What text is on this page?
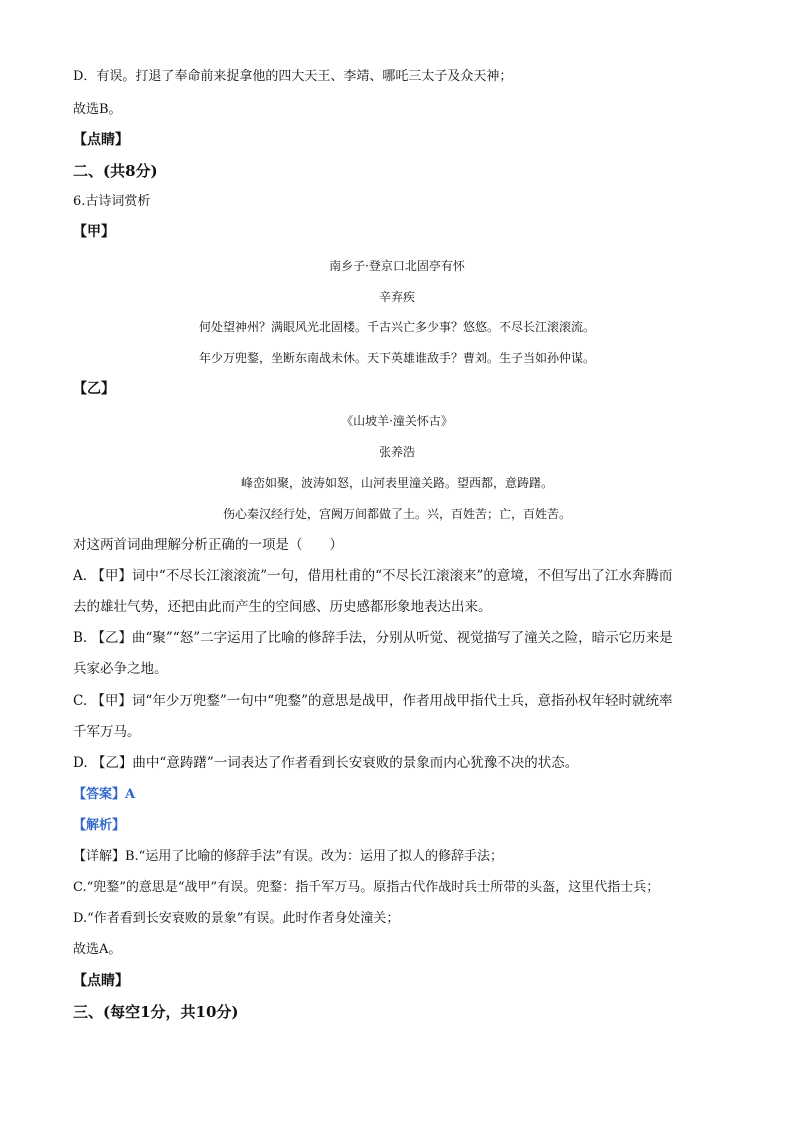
D．有误。打退了奉命前来捉拿他的四大天王、李靖、哪吒三太子及众天神；
故选B。
【点睛】
二、(共8分)
6.古诗词赏析
【甲】
南乡子·登京口北固亭有怀
辛弃疾
何处望神州？满眼风光北固楼。千古兴亡多少事？悠悠。不尽长江滚滚流。
年少万兜鍪，坐断东南战未休。天下英雄谁敌手？曹刘。生子当如孙仲谋。
【乙】
《山坡羊·潼关怀古》
张养浩
峰峦如聚，波涛如怒，山河表里潼关路。望西都，意踌躇。
伤心秦汉经行处，宫阙万间都做了土。兴，百姓苦；亡，百姓苦。
对这两首词曲理解分析正确的一项是（　　）
A. 【甲】词中“不尽长江滚滚流”一句，借用杜甫的“不尽长江滚滚来”的意境，不但写出了江水奔腾而
去的雄壮气势，还把由此而产生的空间感、历史感都形象地表达出来。
B. 【乙】曲“聚”“怒”二字运用了比喻的修辞手法，分别从听觉、视觉描写了潼关之险，暗示它历来是
兵家必争之地。
C. 【甲】词“年少万兜鍪”一句中“兜鍪”的意思是战甲，作者用战甲指代士兵，意指孙权年轻时就统率
千军万马。
D. 【乙】曲中“意踌躇”一词表达了作者看到长安衰败的景象而内心犹豫不决的状态。
【答案】A
【解析】
【详解】B.“运用了比喻的修辞手法”有误。改为：运用了拟人的修辞手法；
C.“兜鍪”的意思是“战甲”有误。兜鍪：指千军万马。原指古代作战时兵士所带的头盔，这里代指士兵；
D.“作者看到长安衰败的景象”有误。此时作者身处潼关；
故选A。
【点睛】
三、(每空1分，共10分)
